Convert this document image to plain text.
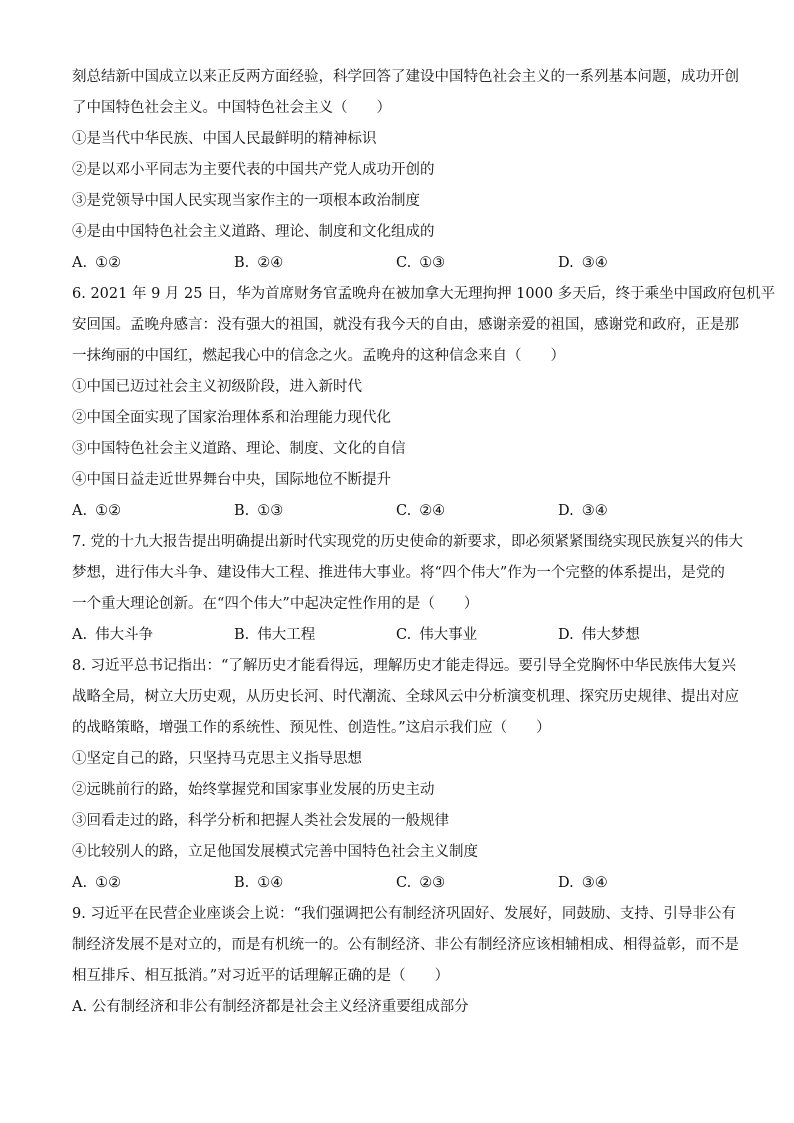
刻总结新中国成立以来正反两方面经验，科学回答了建设中国特色社会主义的一系列基本问题，成功开创
了中国特色社会主义。中国特色社会主义（　　）
①是当代中华民族、中国人民最鲜明的精神标识
②是以邓小平同志为主要代表的中国共产党人成功开创的
③是党领导中国人民实现当家作主的一项根本政治制度
④是由中国特色社会主义道路、理论、制度和文化组成的
A. ①②	B. ②④	C. ①③	D. ③④
6. 2021 年 9 月 25 日，华为首席财务官孟晚舟在被加拿大无理拘押 1000 多天后，终于乘坐中国政府包机平
安回国。孟晚舟感言：没有强大的祖国，就没有我今天的自由，感谢亲爱的祖国，感谢党和政府，正是那
一抹绚丽的中国红，燃起我心中的信念之火。孟晚舟的这种信念来自（　　）
①中国已迈过社会主义初级阶段，进入新时代
②中国全面实现了国家治理体系和治理能力现代化
③中国特色社会主义道路、理论、制度、文化的自信
④中国日益走近世界舞台中央，国际地位不断提升
A. ①②	B. ①③	C. ②④	D. ③④
7. 党的十九大报告提出明确提出新时代实现党的历史使命的新要求，即必须紧紧围绕实现民族复兴的伟大
梦想，进行伟大斗争、建设伟大工程、推进伟大事业。将“四个伟大”作为一个完整的体系提出，是党的
一个重大理论创新。在“四个伟大”中起决定性作用的是（　　）
A. 伟大斗争	B. 伟大工程	C. 伟大事业	D. 伟大梦想
8. 习近平总书记指出：“了解历史才能看得远，理解历史才能走得远。要引导全党胸怀中华民族伟大复兴
战略全局，树立大历史观，从历史长河、时代潮流、全球风云中分析演变机理、探究历史规律、提出对应
的战略策略，增强工作的系统性、预见性、创造性。”这启示我们应（　　）
①坚定自己的路，只坚持马克思主义指导思想
②远眺前行的路，始终掌握党和国家事业发展的历史主动
③回看走过的路，科学分析和把握人类社会发展的一般规律
④比较别人的路，立足他国发展模式完善中国特色社会主义制度
A. ①②	B. ①④	C. ②③	D. ③④
9. 习近平在民营企业座谈会上说：“我们强调把公有制经济巩固好、发展好，同鼓励、支持、引导非公有
制经济发展不是对立的，而是有机统一的。公有制经济、非公有制经济应该相辅相成、相得益彰，而不是
相互排斥、相互抵消。”对习近平的话理解正确的是（　　）
A. 公有制经济和非公有制经济都是社会主义经济重要组成部分
